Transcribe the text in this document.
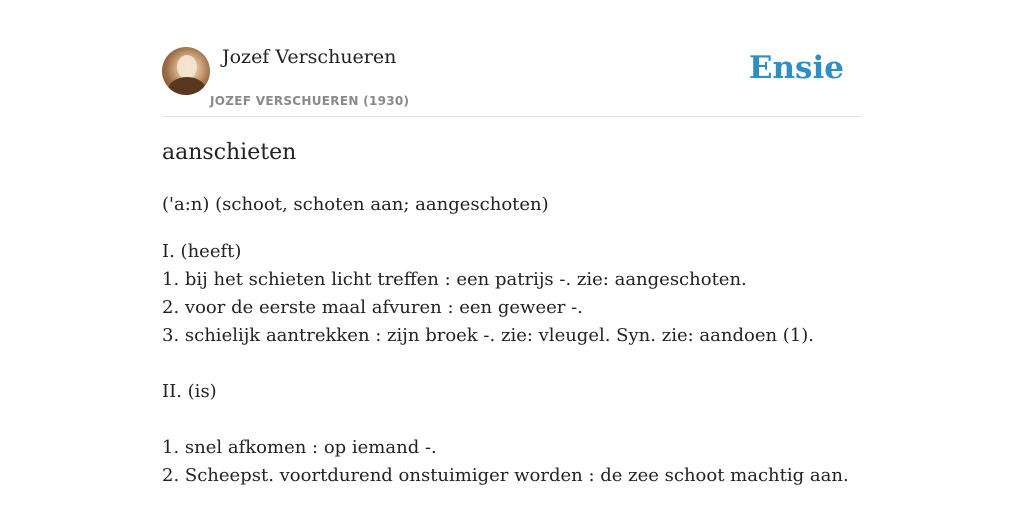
Jozef Verschueren
JOZEF VERSCHUEREN (1930)
Ensie
aanschieten
('a:n) (schoot, schoten aan; aangeschoten)
I. (heeft)
1. bij het schieten licht treffen : een patrijs -. zie: aangeschoten.
2. voor de eerste maal afvuren : een geweer -.
3. schielijk aantrekken : zijn broek -. zie: vleugel. Syn. zie: aandoen (1).
II. (is)
1. snel afkomen : op iemand -.
2. Scheepst. voortdurend onstuimiger worden : de zee schoot machtig aan.
